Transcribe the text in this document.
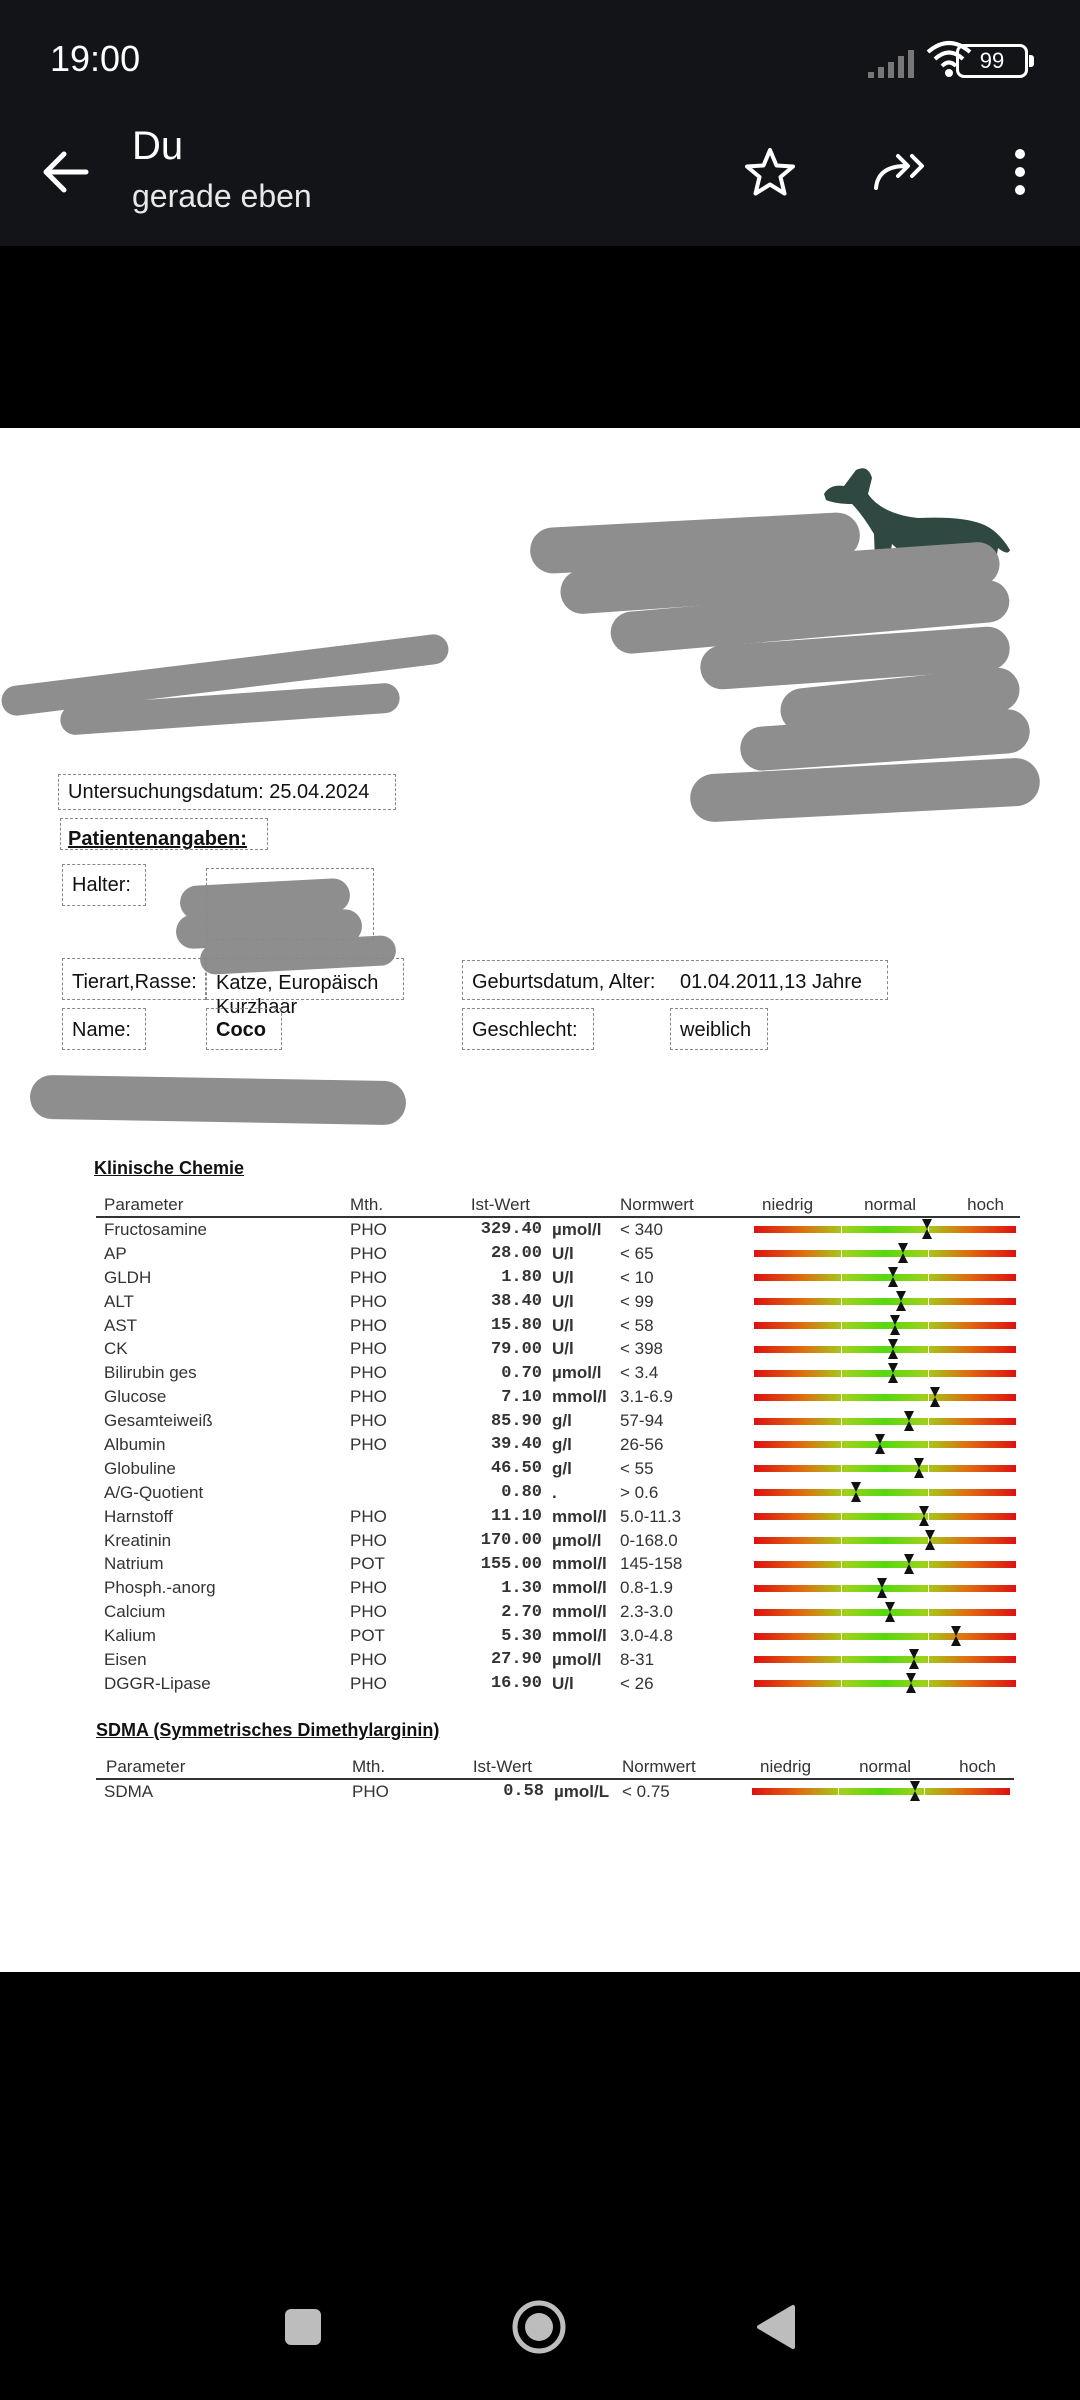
19:00	99
Du
gerade eben
Untersuchungsdatum: 25.04.2024
Patientenangaben:
Halter:
Tierart,Rasse: Katze, Europäisch Kurzhaar
Geburtsdatum, Alter: 01.04.2011,13 Jahre
Name:	Coco	Geschlecht:	weiblich
Klinische Chemie
Parameter	Mth.	Ist-Wert		Normwert	niedrig normal hoch

Fructosamine	PHO	329.40	µmol/l	< 340	

AP	PHO	28.00	U/l	< 65	

GLDH	PHO	1.80	U/l	< 10	

ALT	PHO	38.40	U/l	< 99	

AST	PHO	15.80	U/l	< 58	

CK	PHO	79.00	U/l	< 398	

Bilirubin ges	PHO	0.70	µmol/l	< 3.4	

Glucose	PHO	7.10	mmol/l	3.1-6.9	

Gesamteiweiß	PHO	85.90	g/l	57-94	

Albumin	PHO	39.40	g/l	26-56	

Globuline		46.50	g/l	< 55	

A/G-Quotient		0.80	.	> 0.6	

Harnstoff	PHO	11.10	mmol/l	5.0-11.3	

Kreatinin	PHO	170.00	µmol/l	0-168.0	

Natrium	POT	155.00	mmol/l	145-158	

Phosph.-anorg	PHO	1.30	mmol/l	0.8-1.9	

Calcium	PHO	2.70	mmol/l	2.3-3.0	

Kalium	POT	5.30	mmol/l	3.0-4.8	

Eisen	PHO	27.90	µmol/l	8-31	

DGGR-Lipase	PHO	16.90	U/l	< 26	
SDMA (Symmetrisches Dimethylarginin)
Parameter	Mth.	Ist-Wert		Normwert	niedrig normal hoch

SDMA	PHO	0.58	µmol/L	< 0.75	
